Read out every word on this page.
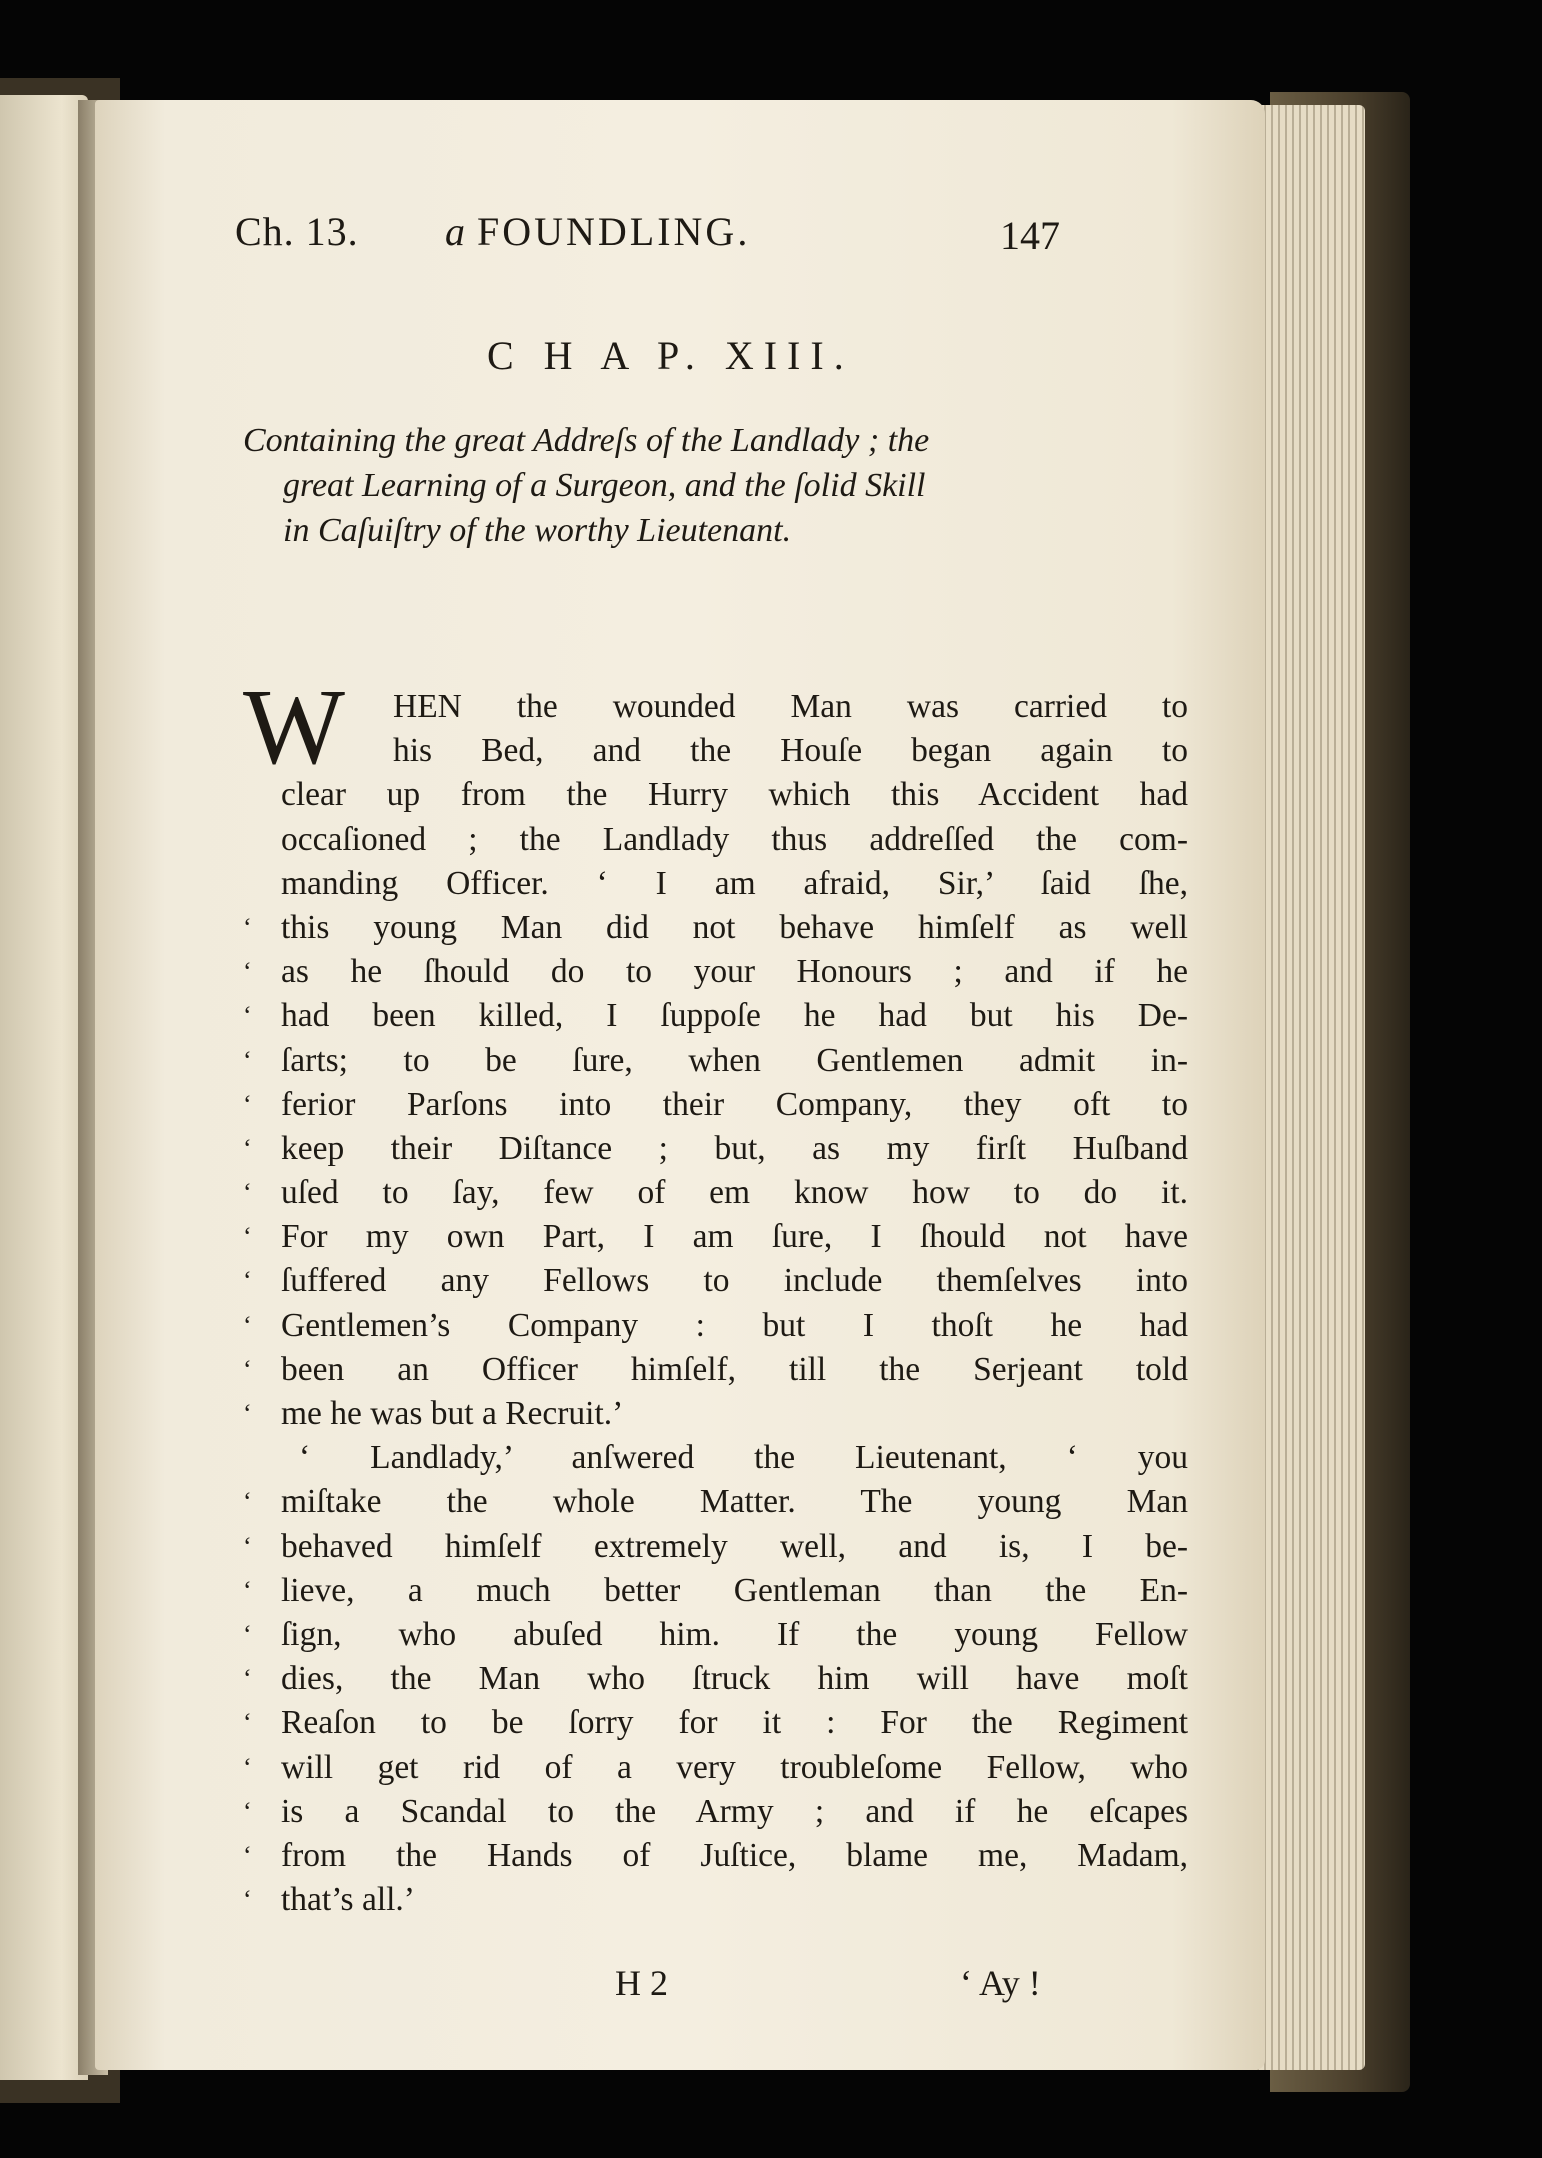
Ch. 13. a FOUNDLING.	147
C H A P. XIII.
Containing the great Addreſs of the Landlady ; the
great Learning of a Surgeon, and the ſolid Skill
in Caſuiſtry of the worthy Lieutenant.
W HEN the wounded Man was carried to
his Bed, and the Houſe began again to
clear up from the Hurry which this Accident had
occaſioned ; the Landlady thus addreſſed the com-
manding Officer. ‘ I am afraid, Sir,’ ſaid ſhe,
‘ this young Man did not behave himſelf as well
‘ as he ſhould do to your Honours ; and if he
‘ had been killed, I ſuppoſe he had but his De-
‘ ſarts; to be ſure, when Gentlemen admit in-
‘ ferior Parſons into their Company, they oft to
‘ keep their Diſtance ; but, as my firſt Huſband
‘ uſed to ſay, few of em know how to do it.
‘ For my own Part, I am ſure, I ſhould not have
‘ ſuffered any Fellows to include themſelves into
‘ Gentlemen’s Company : but I thoſt he had
‘ been an Officer himſelf, till the Serjeant told
‘ me he was but a Recruit.’
‘ Landlady,’ anſwered the Lieutenant, ‘ you
‘ miſtake the whole Matter. The young Man
‘ behaved himſelf extremely well, and is, I be-
‘ lieve, a much better Gentleman than the En-
‘ ſign, who abuſed him. If the young Fellow
‘ dies, the Man who ſtruck him will have moſt
‘ Reaſon to be ſorry for it : For the Regiment
‘ will get rid of a very troubleſome Fellow, who
‘ is a Scandal to the Army ; and if he eſcapes
‘ from the Hands of Juſtice, blame me, Madam,
‘ that’s all.’
H 2	‘ Ay !
